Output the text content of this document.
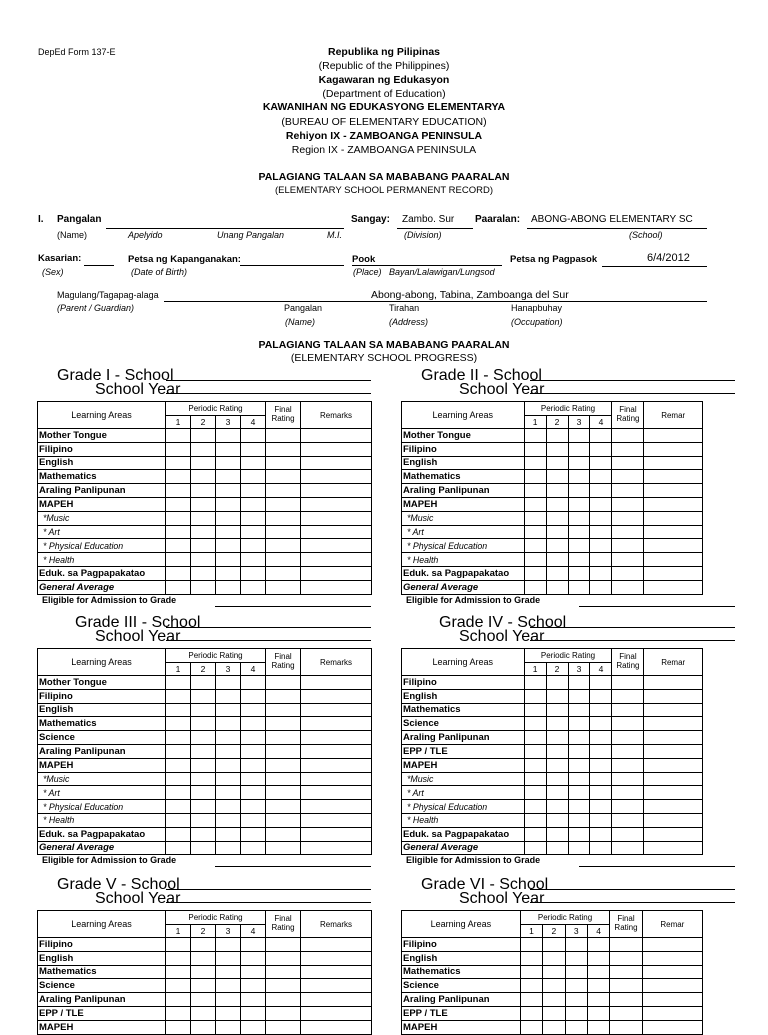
DepEd Form 137-E	Republika ng Pilipinas
(Republic of the Philippines)
Kagawaran ng Edukasyon
(Department of Education)
KAWANIHAN NG EDUKASYONG ELEMENTARYA
(BUREAU OF ELEMENTARY EDUCATION)
Rehiyon IX - ZAMBOANGA PENINSULA
Region IX - ZAMBOANGA PENINSULA
PALAGIANG TALAAN SA MABABANG PAARALAN
(ELEMENTARY SCHOOL PERMANENT RECORD)
I. Pangalan
(Name)	Apelyido	Unang Pangalan	M.I.
Sangay: Zambo. Sur
(Division)
Paaralan: ABONG-ABONG ELEMENTARY SC
(School)
Kasarian:
(Sex)
Petsa ng Kapanganakan:
(Date of Birth)
Pook
(Place) Bayan/Lalawigan/Lungsod
Petsa ng Pagpasok	6/4/2012
Magulang/Tagapag-alaga	Abong-abong, Tabina, Zamboanga del Sur
(Parent / Guardian)	Pangalan
(Name)
Tirahan
(Address)
Hanapbuhay
(Occupation)
PALAGIANG TALAAN SA MABABANG PAARALAN
(ELEMENTARY SCHOOL PROGRESS)
Grade I - School
School Year
Learning Areas	Periodic Rating				Final
Rating	Remarks
	1	2	3	4		
Mother Tongue						
Filipino						
English						
Mathematics						
Araling Panlipunan						
MAPEH						
*Music						
* Art						
* Physical Education						
* Health						
Eduk. sa Pagpapakatao						
General Average						
Eligible for Admission to Grade
Grade II - School
School Year
Learning Areas	Periodic Rating				Final
Rating	Remar
	1	2	3	4		
Mother Tongue						
Filipino						
English						
Mathematics						
Araling Panlipunan						
MAPEH						
*Music						
* Art						
* Physical Education						
* Health						
Eduk. sa Pagpapakatao						
General Average						
Eligible for Admission to Grade
Grade III - School
School Year
Learning Areas	Periodic Rating				Final
Rating	Remarks
	1	2	3	4		
Mother Tongue						
Filipino						
English						
Mathematics						
Science						
Araling Panlipunan						
MAPEH						
*Music						
* Art						
* Physical Education						
* Health						
Eduk. sa Pagpapakatao						
General Average						
Eligible for Admission to Grade
Grade IV - School
School Year
Learning Areas	Periodic Rating				Final
Rating	Remar
	1	2	3	4		
Filipino						
English						
Mathematics						
Science						
Araling Panlipunan						
EPP / TLE						
MAPEH						
*Music						
* Art						
* Physical Education						
* Health						
Eduk. sa Pagpapakatao						
General Average						
Eligible for Admission to Grade
Grade V - School
School Year
Learning Areas	Periodic Rating				Final
Rating	Remarks
	1	2	3	4		
Filipino						
English						
Mathematics						
Science						
Araling Panlipunan						
EPP / TLE						
MAPEH						
Grade VI - School
School Year
Learning Areas	Periodic Rating				Final
Rating	Remar
	1	2	3	4		
Filipino						
English						
Mathematics						
Science						
Araling Panlipunan						
EPP / TLE						
MAPEH						
